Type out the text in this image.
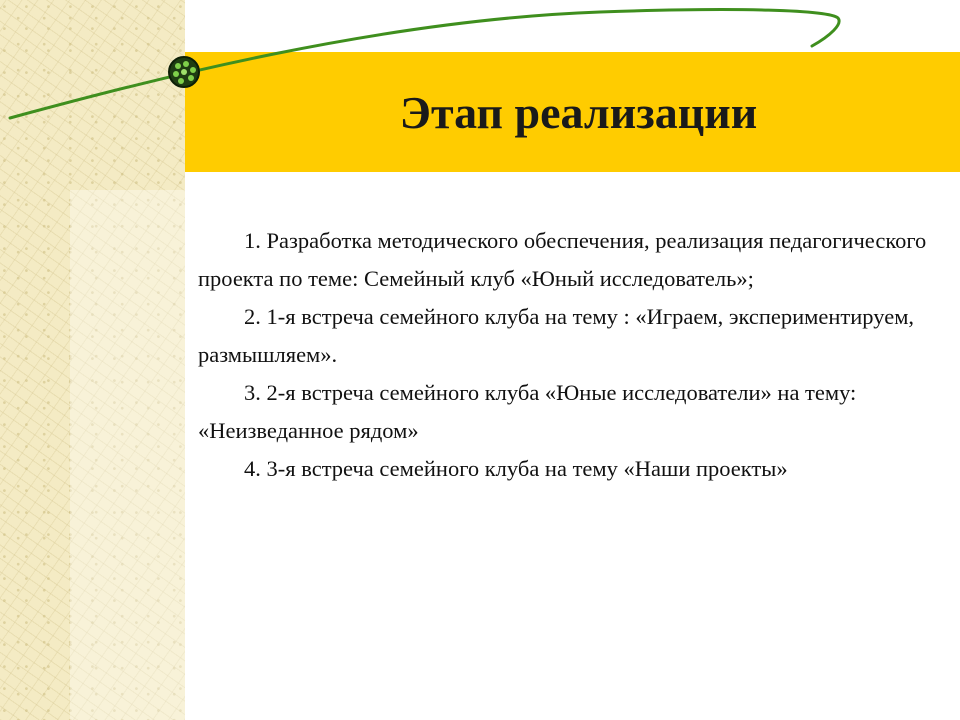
Этап реализации

1. Разработка методического обеспечения, реализация педагогического проекта по теме: Семейный клуб «Юный исследователь»;

2. 1-я встреча семейного клуба на тему : «Играем, экспериментируем, размышляем».

3. 2-я встреча семейного клуба «Юные исследователи» на тему: «Неизведанное рядом»

4. 3-я встреча семейного клуба на тему «Наши проекты»
